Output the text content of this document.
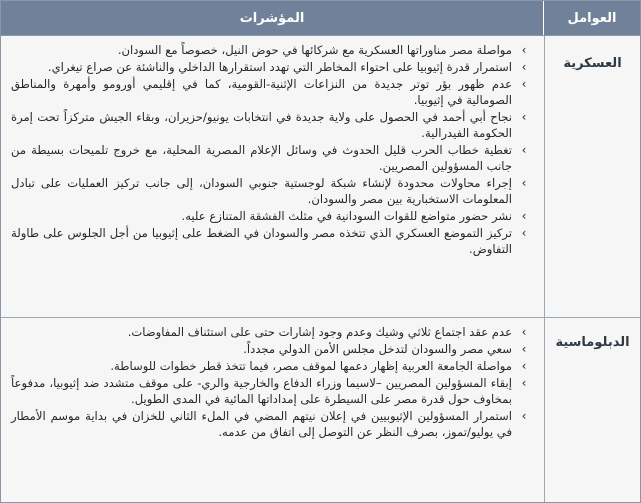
العوامل
المؤشرات
العسكرية
›
مواصلة مصر مناوراتها العسكرية مع شركائها في حوض النيل، خصوصاً مع السودان.
›
استمرار قدرة إثيوبيا على احتواء المخاطر التي تهدد استقرارها الداخلي والناشئة عن صراع تيغراي.
›
عدم ظهور بؤر توتر جديدة من النزاعات الإثنية-القومية، كما في إقليمي أورومو وأمهرة والمناطق الصومالية في إثيوبيا.
›
نجاح أبي أحمد في الحصول على ولاية جديدة في انتخابات يونيو/حزيران، وبقاء الجيش متركزاً تحت إمرة الحكومة الفيدرالية.
›
تغطية خطاب الحرب قليل الحدوث في وسائل الإعلام المصرية المحلية، مع خروج تلميحات بسيطة من جانب المسؤولين المصريين.
›
إجراء محاولات محدودة لإنشاء شبكة لوجستية جنوبي السودان، إلى جانب تركيز العمليات على تبادل المعلومات الاستخبارية بين مصر والسودان.
›
نشر حضور متواضع للقوات السودانية في مثلث الفشقة المتنازع عليه.
›
تركيز التموضع العسكري الذي تتخذه مصر والسودان في الضغط على إثيوبيا من أجل الجلوس على طاولة التفاوض.
الدبلوماسية
›
عدم عقد اجتماع ثلاثي وشيك وعدم وجود إشارات حتى على استئناف المفاوضات.
›
سعي مصر والسودان لتدخل مجلس الأمن الدولي مجدداً.
›
مواصلة الجامعة العربية إظهار دعمها لموقف مصر، فيما تتخذ قطر خطوات للوساطة.
›
إبقاء المسؤولين المصريين –لاسيما وزراء الدفاع والخارجية والري- على موقف متشدد ضد إثيوبيا، مدفوعاً بمخاوف حول قدرة مصر على السيطرة على إمداداتها المائية في المدى الطويل.
›
استمرار المسؤولين الإثيوبيين في إعلان نيتهم المضي في الملء الثاني للخزان في بداية موسم الأمطار في يوليو/تموز، بصرف النظر عن التوصل إلى اتفاق من عدمه.
